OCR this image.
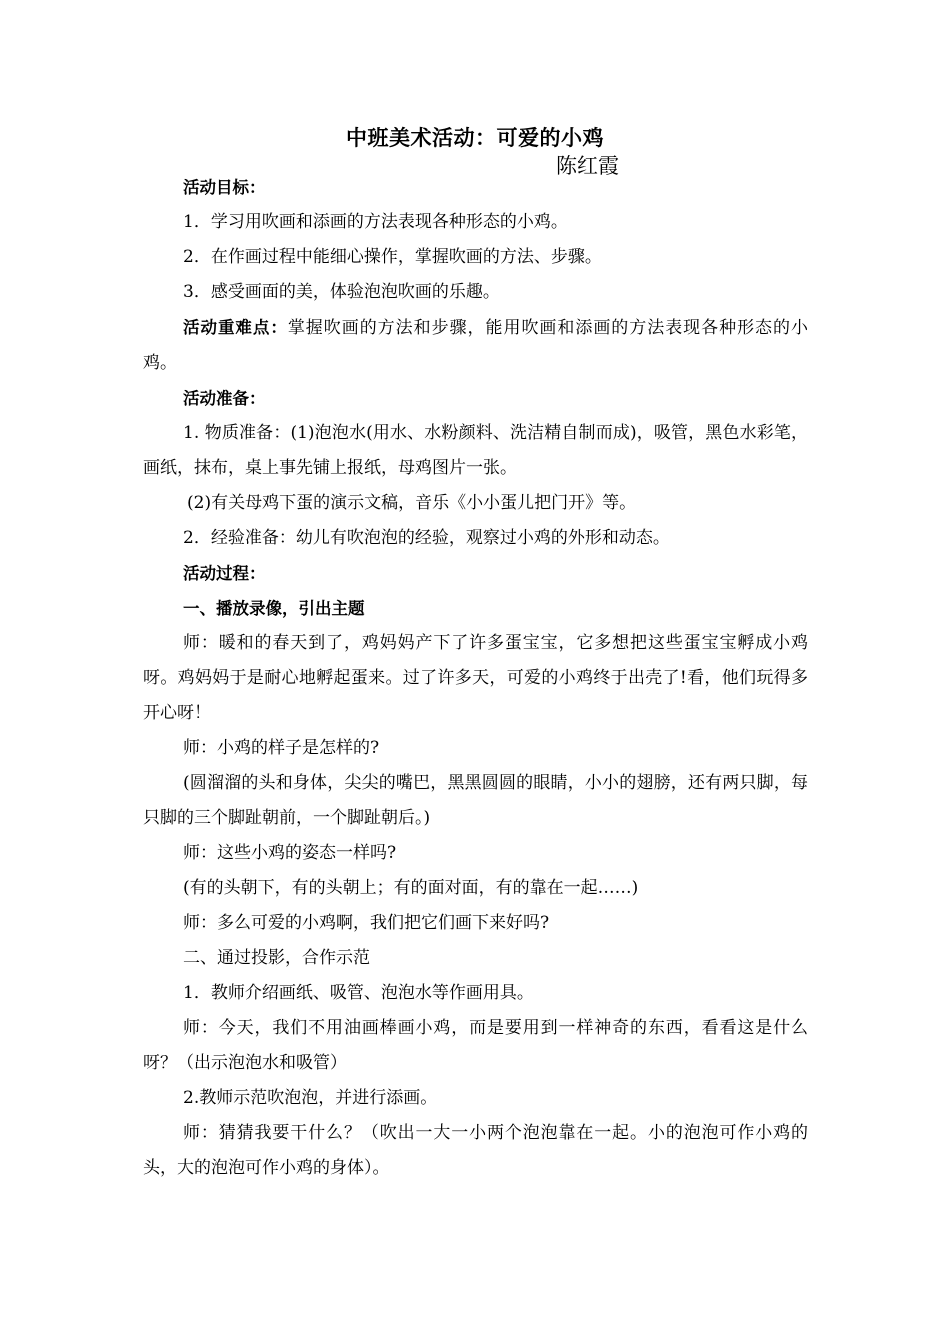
中班美术活动：可爱的小鸡
陈红霞

活动目标：

1．学习用吹画和添画的方法表现各种形态的小鸡。

2．在作画过程中能细心操作，掌握吹画的方法、步骤。

3．感受画面的美，体验泡泡吹画的乐趣。

活动重难点：掌握吹画的方法和步骤，能用吹画和添画的方法表现各种形态的小鸡。

活动准备：

1. 物质准备：(1)泡泡水(用水、水粉颜料、洗洁精自制而成)，吸管，黑色水彩笔，画纸，抹布，桌上事先铺上报纸，母鸡图片一张。

(2)有关母鸡下蛋的演示文稿，音乐《小小蛋儿把门开》等。

2．经验准备：幼儿有吹泡泡的经验，观察过小鸡的外形和动态。

活动过程：

一、播放录像，引出主题

师：暖和的春天到了，鸡妈妈产下了许多蛋宝宝，它多想把这些蛋宝宝孵成小鸡呀。鸡妈妈于是耐心地孵起蛋来。过了许多天，可爱的小鸡终于出壳了!看，他们玩得多开心呀！

师：小鸡的样子是怎样的?

(圆溜溜的头和身体，尖尖的嘴巴，黑黑圆圆的眼睛，小小的翅膀，还有两只脚，每只脚的三个脚趾朝前，一个脚趾朝后。)

师：这些小鸡的姿态一样吗?

(有的头朝下，有的头朝上；有的面对面，有的靠在一起……)

师：多么可爱的小鸡啊，我们把它们画下来好吗?

二、通过投影，合作示范

1．教师介绍画纸、吸管、泡泡水等作画用具。

师：今天，我们不用油画棒画小鸡，而是要用到一样神奇的东西，看看这是什么呀？（出示泡泡水和吸管）

2.教师示范吹泡泡，并进行添画。

师：猜猜我要干什么？（吹出一大一小两个泡泡靠在一起。小的泡泡可作小鸡的头，大的泡泡可作小鸡的身体）。
